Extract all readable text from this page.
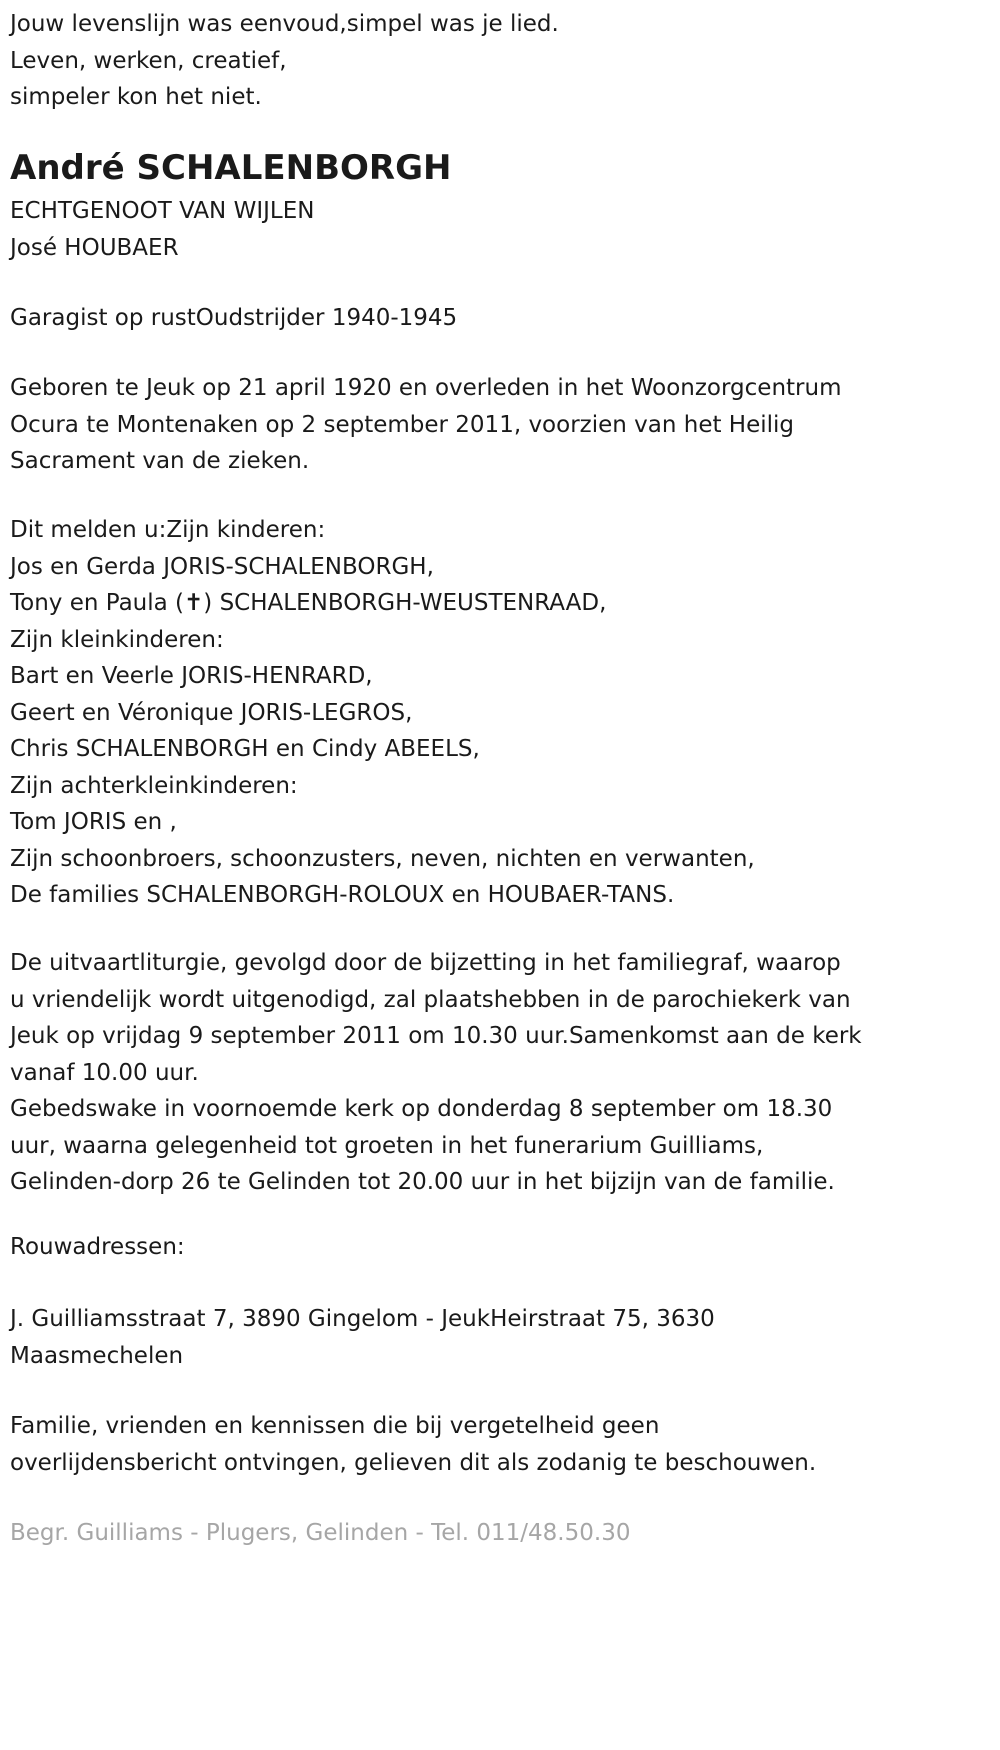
Jouw levenslijn was eenvoud,simpel was je lied.

Leven, werken, creatief,

simpeler kon het niet.

André SCHALENBORGH

ECHTGENOOT VAN WIJLEN

José HOUBAER

Garagist op rustOudstrijder 1940-1945

Geboren te Jeuk op 21 april 1920 en overleden in het Woonzorgcentrum

Ocura te Montenaken op 2 september 2011, voorzien van het Heilig

Sacrament van de zieken.

Dit melden u:Zijn kinderen:

Jos en Gerda JORIS-SCHALENBORGH,

Tony en Paula (✝) SCHALENBORGH-WEUSTENRAAD,

Zijn kleinkinderen:

Bart en Veerle JORIS-HENRARD,

Geert en Véronique JORIS-LEGROS,

Chris SCHALENBORGH en Cindy ABEELS,

Zijn achterkleinkinderen:

Tom JORIS en ,

Zijn schoonbroers, schoonzusters, neven, nichten en verwanten,

De families SCHALENBORGH-ROLOUX en HOUBAER-TANS.

De uitvaartliturgie, gevolgd door de bijzetting in het familiegraf, waarop

u vriendelijk wordt uitgenodigd, zal plaatshebben in de parochiekerk van

Jeuk op vrijdag 9 september 2011 om 10.30 uur.Samenkomst aan de kerk

vanaf 10.00 uur.

Gebedswake in voornoemde kerk op donderdag 8 september om 18.30

uur, waarna gelegenheid tot groeten in het funerarium Guilliams,

Gelinden-dorp 26 te Gelinden tot 20.00 uur in het bijzijn van de familie.

Rouwadressen:

J. Guilliamsstraat 7, 3890 Gingelom - JeukHeirstraat 75, 3630

Maasmechelen

Familie, vrienden en kennissen die bij vergetelheid geen

overlijdensbericht ontvingen, gelieven dit als zodanig te beschouwen.

Begr. Guilliams - Plugers, Gelinden - Tel. 011/48.50.30
